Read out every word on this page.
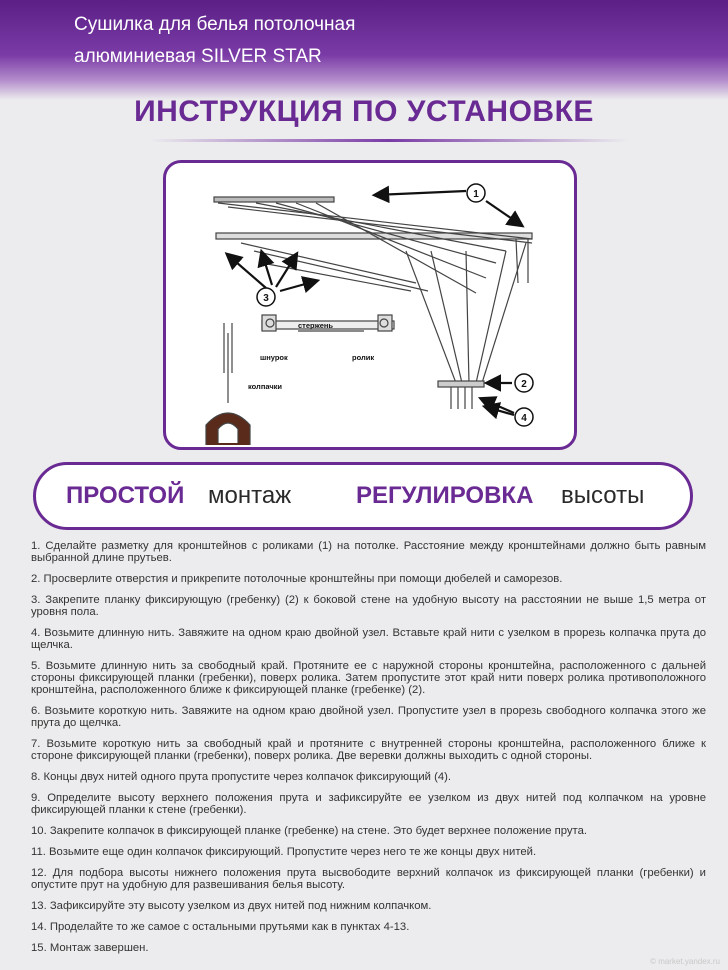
Сушилка для белья потолочная
алюминиевая SILVER STAR
ИНСТРУКЦИЯ ПО УСТАНОВКЕ
1
3
2
4
стержень
шнурок	ролик
колпачки
ПРОСТОЙ монтаж	РЕГУЛИРОВКА высоты

1. Сделайте разметку для кронштейнов с роликами (1) на потолке. Расстояние между кронштейнами должно быть равным выбранной длине прутьев.

2. Просверлите отверстия и прикрепите потолочные кронштейны при помощи дюбелей и саморезов.

3. Закрепите планку фиксирующую (гребенку) (2) к боковой стене на удобную высоту на расстоянии не выше 1,5 метра от уровня пола.

4. Возьмите длинную нить. Завяжите на одном краю двойной узел. Вставьте край нити с узелком в прорезь колпачка прута до щелчка.

5. Возьмите длинную нить за свободный край. Протяните ее с наружной стороны кронштейна, расположенного с дальней стороны фиксирующей планки (гребенки), поверх ролика. Затем пропустите этот край нити поверх ролика противоположного кронштейна, расположенного ближе к фиксирующей планке (гребенке) (2).

6. Возьмите короткую нить. Завяжите на одном краю двойной узел. Пропустите узел в прорезь свободного колпачка этого же прута до щелчка.

7. Возьмите короткую нить за свободный край и протяните с внутренней стороны кронштейна, расположенного ближе к стороне фиксирующей планки (гребенки), поверх ролика. Две веревки должны выходить с одной стороны.

8. Концы двух нитей одного прута пропустите через колпачок фиксирующий (4).

9. Определите высоту верхнего положения прута и зафиксируйте ее узелком из двух нитей под колпачком на уровне фиксирующей планки к стене (гребенки).

10. Закрепите колпачок в фиксирующей планке (гребенке) на стене. Это будет верхнее положение прута.

11. Возьмите еще один колпачок фиксирующий. Пропустите через него те же концы двух нитей.

12. Для подбора высоты нижнего положения прута высвободите верхний колпачок из фиксирующей планки (гребенки) и опустите прут на удобную для развешивания белья высоту.

13. Зафиксируйте эту высоту узелком из двух нитей под нижним колпачком.

14. Проделайте то же самое с остальными прутьями как в пунктах 4-13.

15. Монтаж завершен.

© market.yandex.ru
